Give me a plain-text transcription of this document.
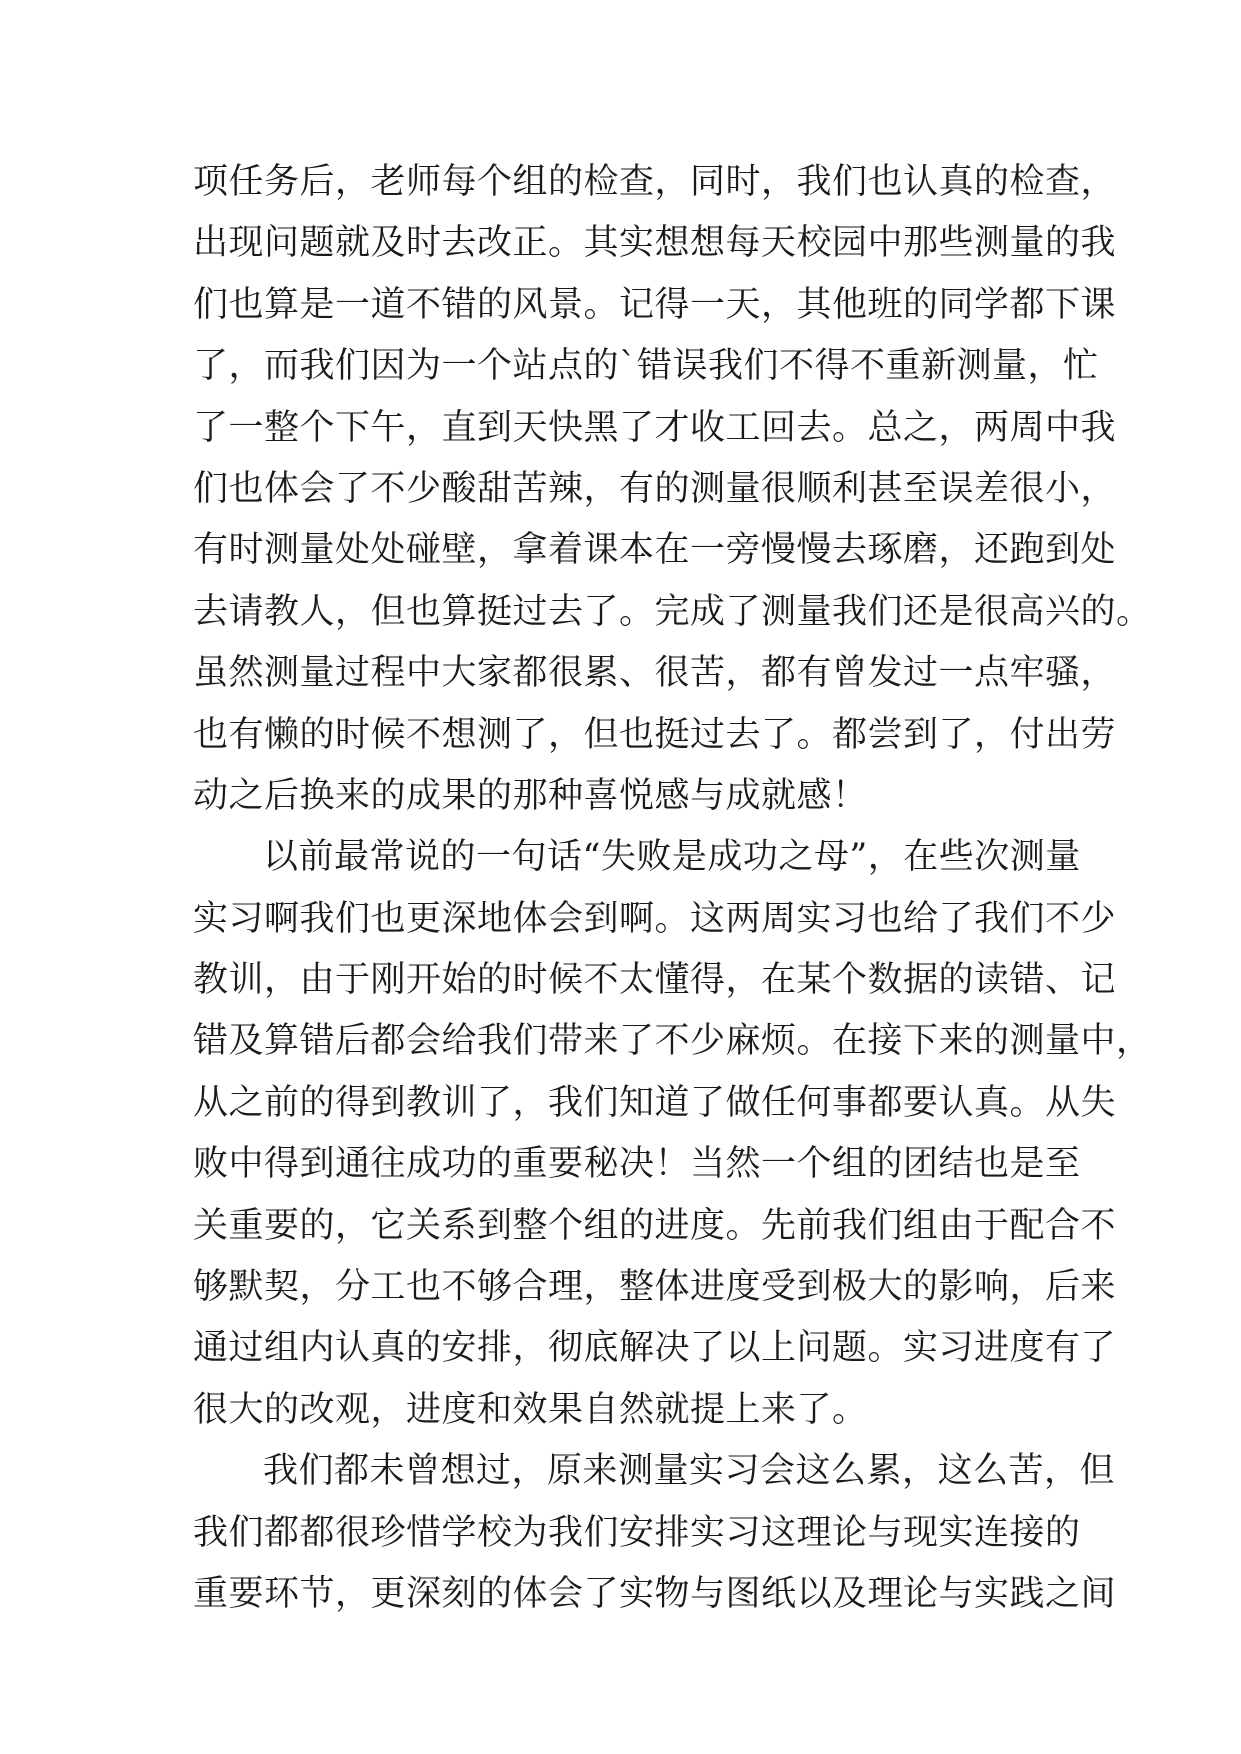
项任务后，老师每个组的检查，同时，我们也认真的检查，
出现问题就及时去改正。其实想想每天校园中那些测量的我
们也算是一道不错的风景。记得一天，其他班的同学都下课
了，而我们因为一个站点的`错误我们不得不重新测量，忙
了一整个下午，直到天快黑了才收工回去。总之，两周中我
们也体会了不少酸甜苦辣，有的测量很顺利甚至误差很小，
有时测量处处碰壁，拿着课本在一旁慢慢去琢磨，还跑到处
去请教人，但也算挺过去了。完成了测量我们还是很高兴的。
虽然测量过程中大家都很累、很苦，都有曾发过一点牢骚，
也有懒的时候不想测了，但也挺过去了。都尝到了，付出劳
动之后换来的成果的那种喜悦感与成就感！
以前最常说的一句话“失败是成功之母”，在些次测量
实习啊我们也更深地体会到啊。这两周实习也给了我们不少
教训，由于刚开始的时候不太懂得，在某个数据的读错、记
错及算错后都会给我们带来了不少麻烦。在接下来的测量中，
从之前的得到教训了，我们知道了做任何事都要认真。从失
败中得到通往成功的重要秘决！当然一个组的团结也是至
关重要的，它关系到整个组的进度。先前我们组由于配合不
够默契，分工也不够合理，整体进度受到极大的影响，后来
通过组内认真的安排，彻底解决了以上问题。实习进度有了
很大的改观，进度和效果自然就提上来了。
我们都未曾想过，原来测量实习会这么累，这么苦，但
我们都都很珍惜学校为我们安排实习这理论与现实连接的
重要环节，更深刻的体会了实物与图纸以及理论与实践之间
